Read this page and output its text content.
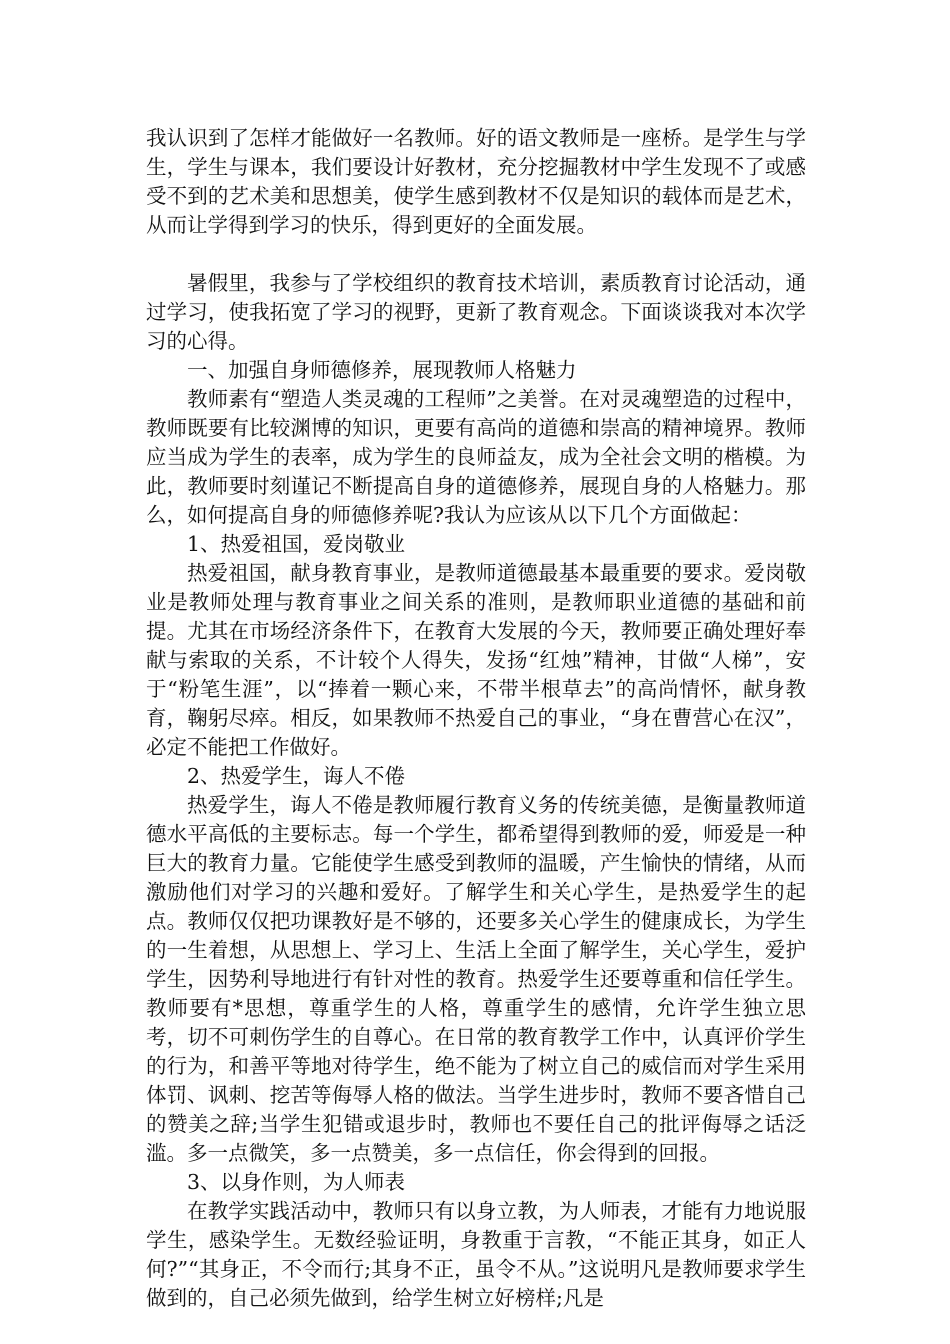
我认识到了怎样才能做好一名教师。好的语文教师是一座桥。是学生与学生，学生与课本，我们要设计好教材，充分挖掘教材中学生发现不了或感受不到的艺术美和思想美，使学生感到教材不仅是知识的载体而是艺术，从而让学得到学习的快乐，得到更好的全面发展。

暑假里，我参与了学校组织的教育技术培训，素质教育讨论活动，通过学习，使我拓宽了学习的视野，更新了教育观念。下面谈谈我对本次学习的心得。

一、加强自身师德修养，展现教师人格魅力

教师素有“塑造人类灵魂的工程师”之美誉。在对灵魂塑造的过程中，教师既要有比较渊博的知识，更要有高尚的道德和崇高的精神境界。教师应当成为学生的表率，成为学生的良师益友，成为全社会文明的楷模。为此，教师要时刻谨记不断提高自身的道德修养，展现自身的人格魅力。那么，如何提高自身的师德修养呢?我认为应该从以下几个方面做起：

1、热爱祖国，爱岗敬业

热爱祖国，献身教育事业，是教师道德最基本最重要的要求。爱岗敬业是教师处理与教育事业之间关系的准则，是教师职业道德的基础和前提。尤其在市场经济条件下，在教育大发展的今天，教师要正确处理好奉献与索取的关系，不计较个人得失，发扬“红烛”精神，甘做“人梯”，安于“粉笔生涯”，以“捧着一颗心来，不带半根草去”的高尚情怀，献身教育，鞠躬尽瘁。相反，如果教师不热爱自己的事业，“身在曹营心在汉”，必定不能把工作做好。

2、热爱学生，诲人不倦

热爱学生，诲人不倦是教师履行教育义务的传统美德，是衡量教师道德水平高低的主要标志。每一个学生，都希望得到教师的爱，师爱是一种巨大的教育力量。它能使学生感受到教师的温暖，产生愉快的情绪，从而激励他们对学习的兴趣和爱好。了解学生和关心学生，是热爱学生的起点。教师仅仅把功课教好是不够的，还要多关心学生的健康成长，为学生的一生着想，从思想上、学习上、生活上全面了解学生，关心学生，爱护学生，因势利导地进行有针对性的教育。热爱学生还要尊重和信任学生。教师要有*思想，尊重学生的人格，尊重学生的感情，允许学生独立思考，切不可刺伤学生的自尊心。在日常的教育教学工作中，认真评价学生的行为，和善平等地对待学生，绝不能为了树立自己的威信而对学生采用体罚、讽刺、挖苦等侮辱人格的做法。当学生进步时，教师不要吝惜自己的赞美之辞;当学生犯错或退步时，教师也不要任自己的批评侮辱之话泛滥。多一点微笑，多一点赞美，多一点信任，你会得到的回报。

3、以身作则，为人师表

在教学实践活动中，教师只有以身立教，为人师表，才能有力地说服学生，感染学生。无数经验证明，身教重于言教，“不能正其身，如正人何?”“其身正，不令而行;其身不正，虽令不从。”这说明凡是教师要求学生做到的，自己必须先做到，给学生树立好榜样;凡是
